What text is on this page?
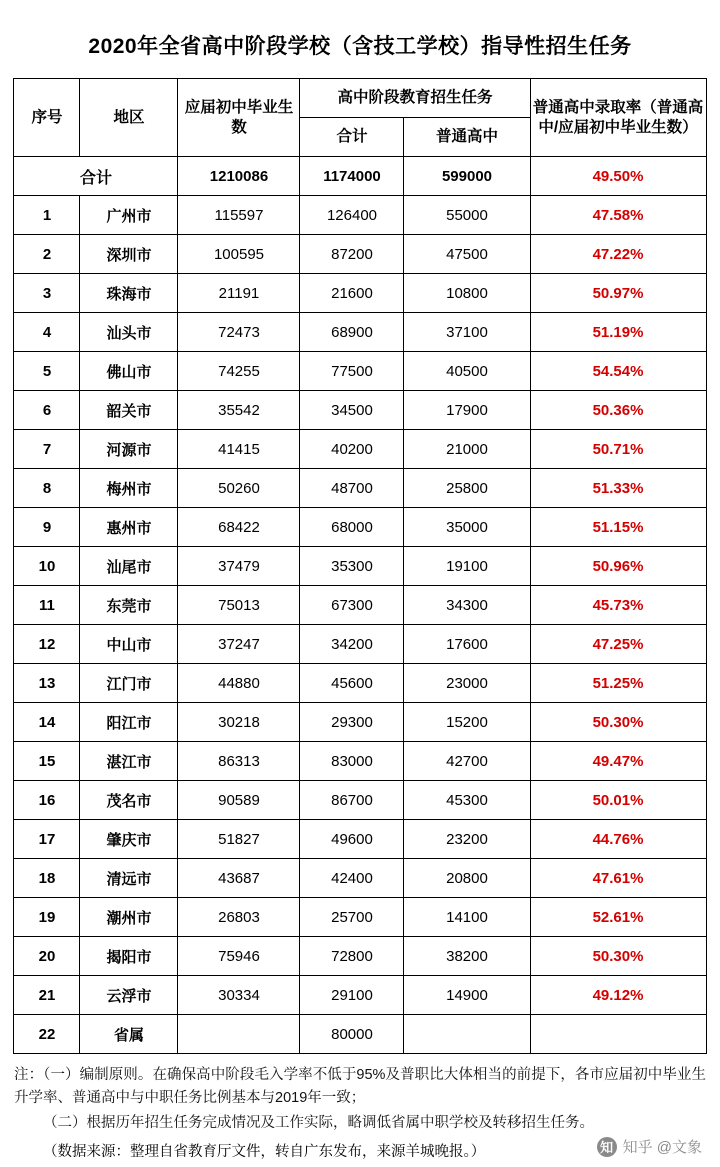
2020年全省高中阶段学校（含技工学校）指导性招生任务
序号	地区	应届初中毕业生数	高中阶段教育招生任务		普通高中录取率（普通高中/应届初中毕业生数）
			合计	普通高中	
合计		1210086	1174000	599000	49.50%
1	广州市	115597	126400	55000	47.58%
2	深圳市	100595	87200	47500	47.22%
3	珠海市	21191	21600	10800	50.97%
4	汕头市	72473	68900	37100	51.19%
5	佛山市	74255	77500	40500	54.54%
6	韶关市	35542	34500	17900	50.36%
7	河源市	41415	40200	21000	50.71%
8	梅州市	50260	48700	25800	51.33%
9	惠州市	68422	68000	35000	51.15%
10	汕尾市	37479	35300	19100	50.96%
11	东莞市	75013	67300	34300	45.73%
12	中山市	37247	34200	17600	47.25%
13	江门市	44880	45600	23000	51.25%
14	阳江市	30218	29300	15200	50.30%
15	湛江市	86313	83000	42700	49.47%
16	茂名市	90589	86700	45300	50.01%
17	肇庆市	51827	49600	23200	44.76%
18	清远市	43687	42400	20800	47.61%
19	潮州市	26803	25700	14100	52.61%
20	揭阳市	75946	72800	38200	50.30%
21	云浮市	30334	29100	14900	49.12%
22	省属		80000		

注：（一）编制原则。在确保高中阶段毛入学率不低于95%及普职比大体相当的前提下，各市应届初中毕业生升学率、普通高中与中职任务比例基本与2019年一致；

（二）根据历年招生任务完成情况及工作实际，略调低省属中职学校及转移招生任务。

（数据来源：整理自省教育厅文件，转自广东发布，来源羊城晚报。）	知 知乎 @文象
